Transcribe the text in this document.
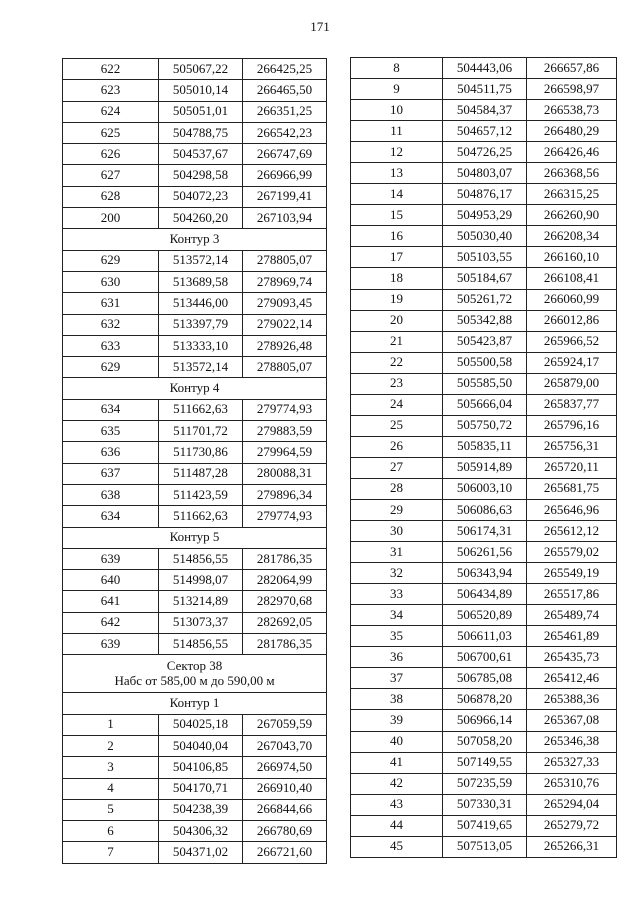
171
622	505067,22	266425,25
623	505010,14	266465,50
624	505051,01	266351,25
625	504788,75	266542,23
626	504537,67	266747,69
627	504298,58	266966,99
628	504072,23	267199,41
200	504260,20	267103,94

Контур 3		

629	513572,14	278805,07
630	513689,58	278969,74
631	513446,00	279093,45
632	513397,79	279022,14
633	513333,10	278926,48
629	513572,14	278805,07

Контур 4		

634	511662,63	279774,93
635	511701,72	279883,59
636	511730,86	279964,59
637	511487,28	280088,31
638	511423,59	279896,34
634	511662,63	279774,93

Контур 5		

639	514856,55	281786,35
640	514998,07	282064,99
641	513214,89	282970,68
642	513073,37	282692,05
639	514856,55	281786,35

Сектор 38
Набс от 585,00 м до 590,00 м		

Контур 1		

1	504025,18	267059,59
2	504040,04	267043,70
3	504106,85	266974,50
4	504170,71	266910,40
5	504238,39	266844,66
6	504306,32	266780,69
7	504371,02	266721,60
8	504443,06	266657,86
9	504511,75	266598,97
10	504584,37	266538,73
11	504657,12	266480,29
12	504726,25	266426,46
13	504803,07	266368,56
14	504876,17	266315,25
15	504953,29	266260,90
16	505030,40	266208,34
17	505103,55	266160,10
18	505184,67	266108,41
19	505261,72	266060,99
20	505342,88	266012,86
21	505423,87	265966,52
22	505500,58	265924,17
23	505585,50	265879,00
24	505666,04	265837,77
25	505750,72	265796,16
26	505835,11	265756,31
27	505914,89	265720,11
28	506003,10	265681,75
29	506086,63	265646,96
30	506174,31	265612,12
31	506261,56	265579,02
32	506343,94	265549,19
33	506434,89	265517,86
34	506520,89	265489,74
35	506611,03	265461,89
36	506700,61	265435,73
37	506785,08	265412,46
38	506878,20	265388,36
39	506966,14	265367,08
40	507058,20	265346,38
41	507149,55	265327,33
42	507235,59	265310,76
43	507330,31	265294,04
44	507419,65	265279,72
45	507513,05	265266,31
